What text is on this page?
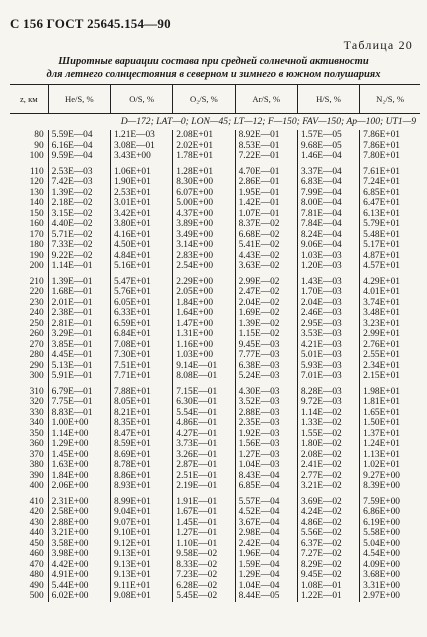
С 156 ГОСТ 25645.154—90
Таблица 20
Широтные вариации состава при средней солнечной активности
для летнего солнцестояния в северном и зимнего в южном полушариях
z, км	He/S, %	O/S, %	O₂/S, %	Ar/S, %	H/S, %	N₂/S, %
D—172; LAT—0; LON—45; LT—12; F—150; FAV—150; Ap—100; UT1—9						
80	5.59E—04	1.21E—03	2.08E+01	8.92E—01	1.57E—05	7.86E+01
90	6.16E—04	3.08E—01	2.02E+01	8.53E—01	9.68E—05	7.86E+01
100	9.59E—04	3.43E+00	1.78E+01	7.22E—01	1.46E—04	7.80E+01

110	2.53E—03	1.06E+01	1.28E+01	4.70E—01	3.37E—04	7.61E+01
120	7.42E—03	1.90E+01	8.30E+00	2.86E—01	6.83E—04	7.24E+01
130	1.39E—02	2.53E+01	6.07E+00	1.95E—01	7.99E—04	6.85E+01
140	2.18E—02	3.01E+01	5.00E+00	1.42E—01	8.00E—04	6.47E+01
150	3.15E—02	3.42E+01	4.37E+00	1.07E—01	7.81E—04	6.13E+01
160	4.40E—02	3.80E+01	3.89E+00	8.37E—02	7.84E—04	5.79E+01
170	5.71E—02	4.16E+01	3.49E+00	6.68E—02	8.24E—04	5.48E+01
180	7.33E—02	4.50E+01	3.14E+00	5.41E—02	9.06E—04	5.17E+01
190	9.22E—02	4.84E+01	2.83E+00	4.43E—02	1.03E—03	4.87E+01
200	1.14E—01	5.16E+01	2.54E+00	3.63E—02	1.20E—03	4.57E+01

210	1.39E—01	5.47E+01	2.29E+00	2.99E—02	1.43E—03	4.29E+01
220	1.68E—01	5.76E+01	2.05E+00	2.47E—02	1.70E—03	4.01E+01
230	2.01E—01	6.05E+01	1.84E+00	2.04E—02	2.04E—03	3.74E+01
240	2.38E—01	6.33E+01	1.64E+00	1.69E—02	2.46E—03	3.48E+01
250	2.81E—01	6.59E+01	1.47E+00	1.39E—02	2.95E—03	3.23E+01
260	3.29E—01	6.84E+01	1.31E+00	1.15E—02	3.53E—03	2.99E+01
270	3.85E—01	7.08E+01	1.16E+00	9.45E—03	4.21E—03	2.76E+01
280	4.45E—01	7.30E+01	1.03E+00	7.77E—03	5.01E—03	2.55E+01
290	5.13E—01	7.51E+01	9.14E—01	6.38E—03	5.93E—03	2.34E+01
300	5.91E—01	7.71E+01	8.08E—01	5.24E—03	7.01E—03	2.15E+01

310	6.79E—01	7.88E+01	7.15E—01	4.30E—03	8.28E—03	1.98E+01
320	7.75E—01	8.05E+01	6.30E—01	3.52E—03	9.72E—03	1.81E+01
330	8.83E—01	8.21E+01	5.54E—01	2.88E—03	1.14E—02	1.65E+01
340	1.00E+00	8.35E+01	4.86E—01	2.35E—03	1.33E—02	1.50E+01
350	1.14E+00	8.47E+01	4.27E—01	1.92E—03	1.55E—02	1.37E+01
360	1.29E+00	8.59E+01	3.73E—01	1.56E—03	1.80E—02	1.24E+01
370	1.45E+00	8.69E+01	3.26E—01	1.27E—03	2.08E—02	1.13E+01
380	1.63E+00	8.78E+01	2.87E—01	1.04E—03	2.41E—02	1.02E+01
390	1.84E+00	8.86E+01	2.51E—01	8.43E—04	2.77E—02	9.27E+00
400	2.06E+00	8.93E+01	2.19E—01	6.85E—04	3.21E—02	8.39E+00

410	2.31E+00	8.99E+01	1.91E—01	5.57E—04	3.69E—02	7.59E+00
420	2.58E+00	9.04E+01	1.67E—01	4.52E—04	4.24E—02	6.86E+00
430	2.88E+00	9.07E+01	1.45E—01	3.67E—04	4.86E—02	6.19E+00
440	3.21E+00	9.10E+01	1.27E—01	2.98E—04	5.56E—02	5.58E+00
450	3.58E+00	9.12E+01	1.10E—01	2.42E—04	6.37E—02	5.04E+00
460	3.98E+00	9.13E+01	9.58E—02	1.96E—04	7.27E—02	4.54E+00
470	4.42E+00	9.13E+01	8.33E—02	1.59E—04	8.29E—02	4.09E+00
480	4.91E+00	9.13E+01	7.23E—02	1.29E—04	9.45E—02	3.68E+00
490	5.44E+00	9.11E+01	6.28E—02	1.04E—04	1.08E—01	3.31E+00
500	6.02E+00	9.08E+01	5.45E—02	8.44E—05	1.22E—01	2.97E+00
